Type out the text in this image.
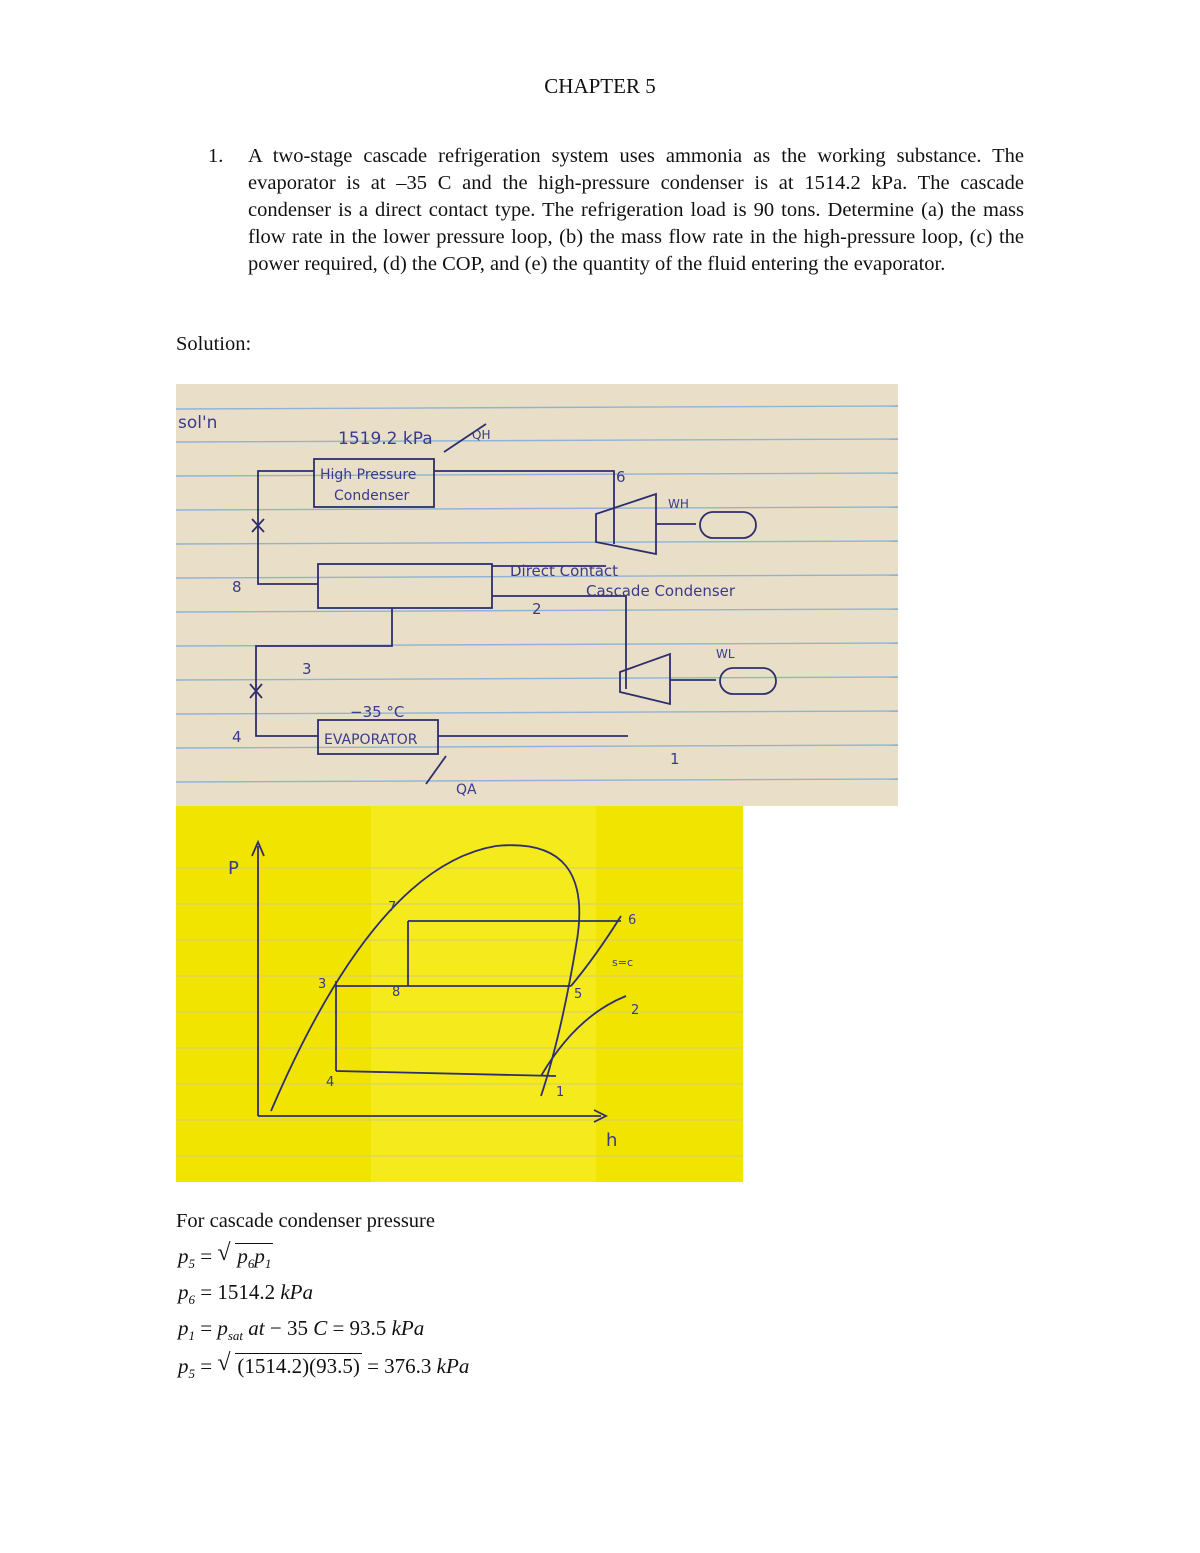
CHAPTER 5
1. A two-stage cascade refrigeration system uses ammonia as the working substance. The evaporator is at –35 C and the high-pressure condenser is at 1514.2 kPa. The cascade condenser is a direct contact type. The refrigeration load is 90 tons. Determine (a) the mass flow rate in the lower pressure loop, (b) the mass flow rate in the high-pressure loop, (c) the power required, (d) the COP, and (e) the quantity of the fluid entering the evaporator.
Solution:
sol'n
1519.2 kPa	QH
High Pressure
Condenser
Direct Contact
Cascade Condenser
−35 °C
EVAPORATOR
QA
WH
WL
1
2
3
4
6
8
P
h
1
2
3
4
5
6
7
8
s=c
For cascade condenser pressure
$p_5$ = √ $p_6p_1$
$p_6 = 1514.2$ kPa
$p_1 = p_{sat}$ at − 35 C = 93.5 kPa
$p_5$ = √ (1514.2)(93.5) = 376.3 kPa
